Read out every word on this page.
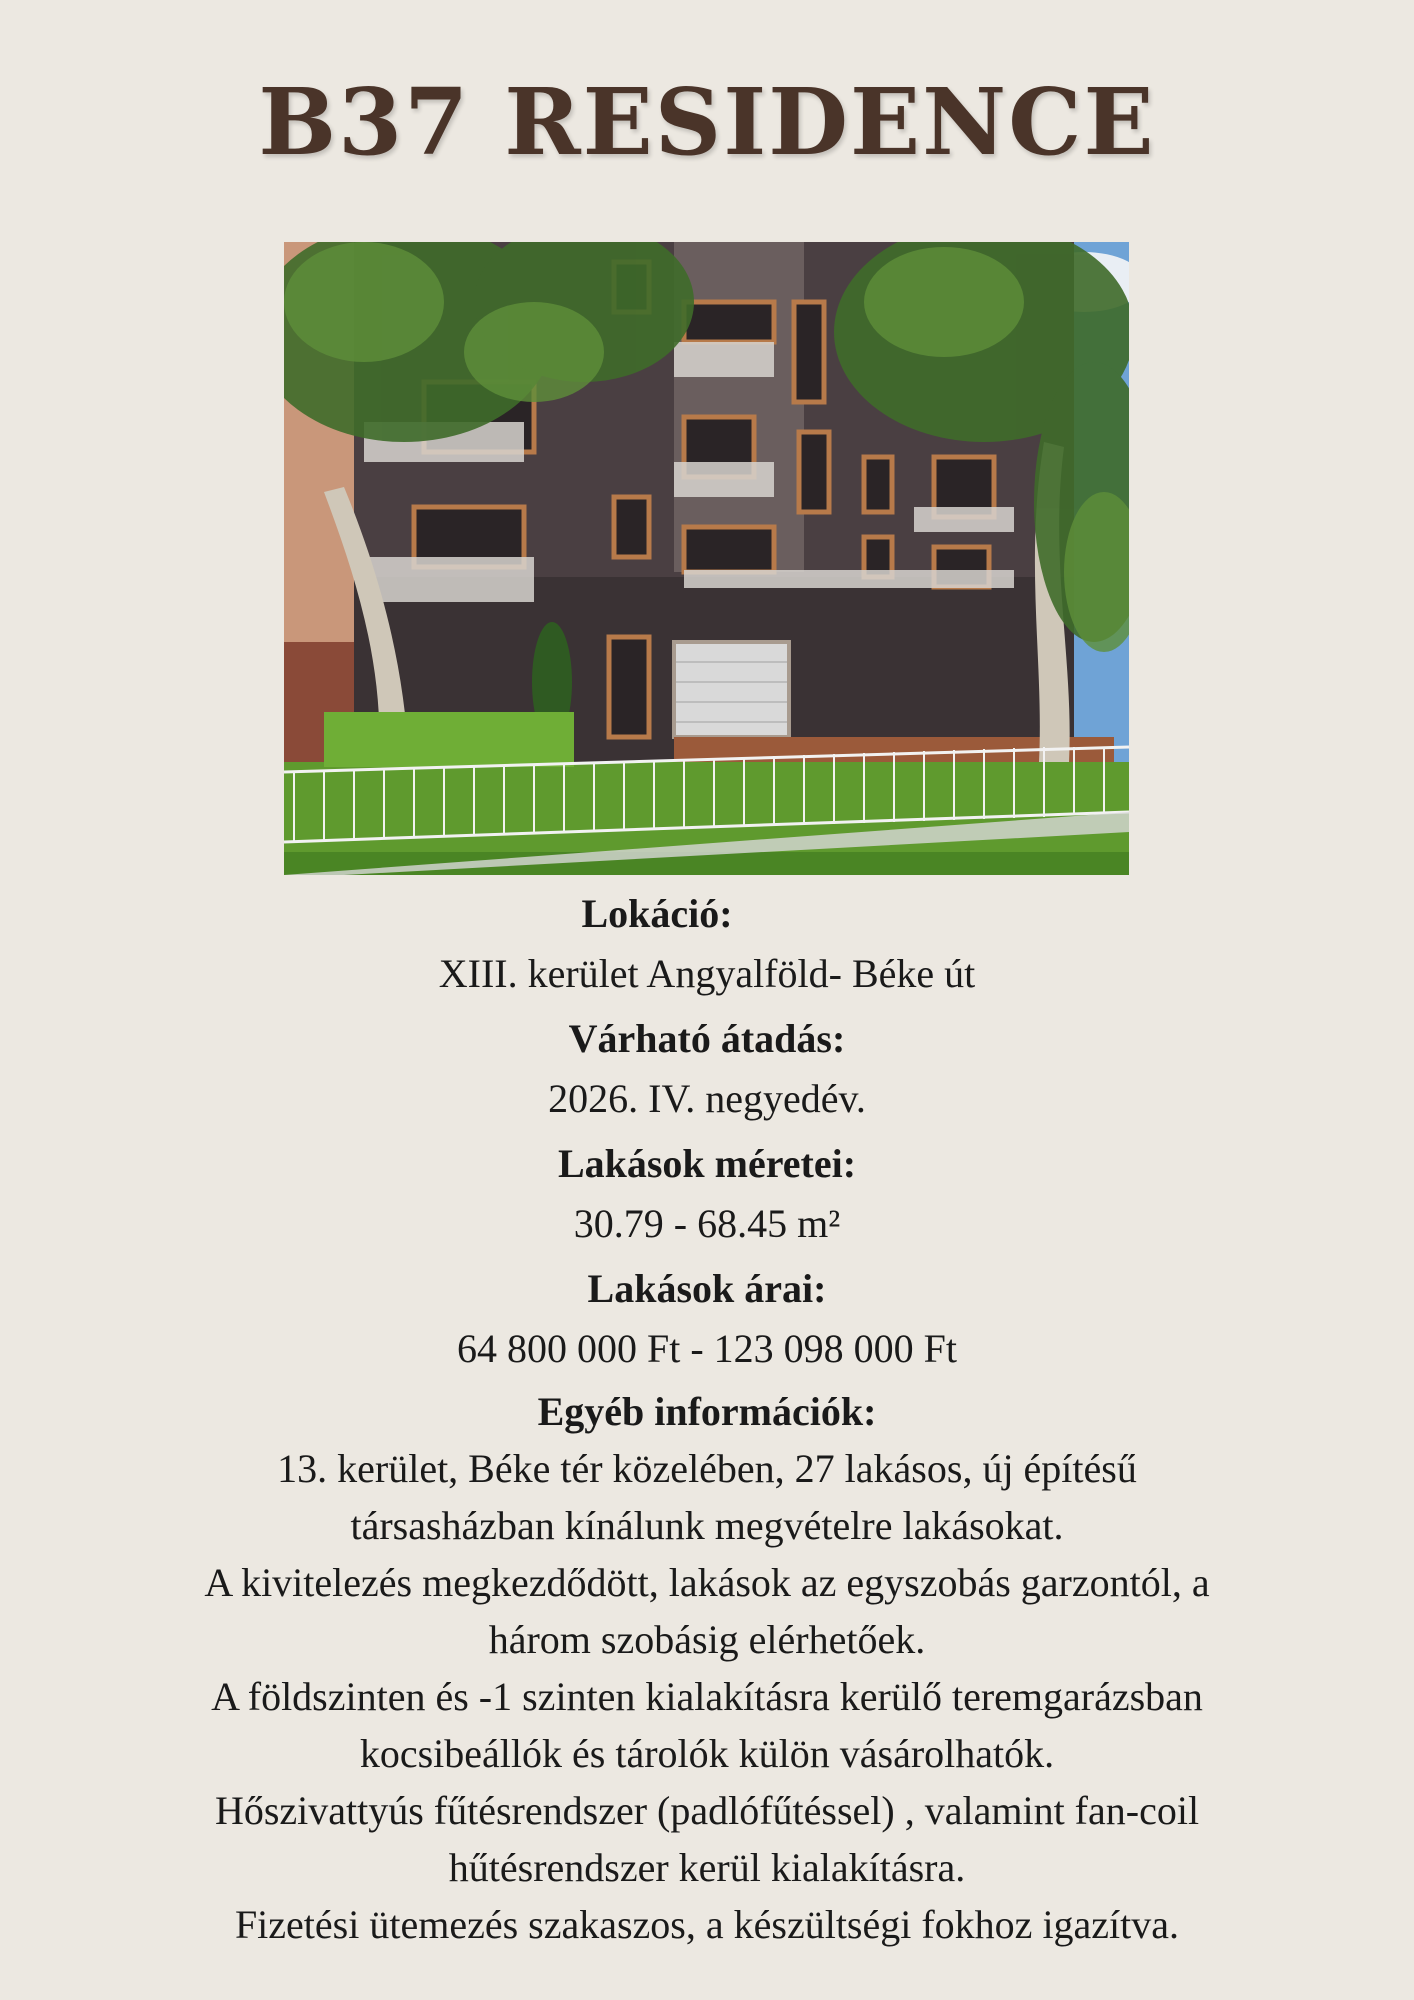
B37 RESIDENCE
Lokáció:
XIII. kerület Angyalföld- Béke út
Várható átadás:
2026. IV. negyedév.
Lakások méretei:
30.79 - 68.45 m²
Lakások árai:
64 800 000 Ft - 123 098 000 Ft
Egyéb információk:
13. kerület, Béke tér közelében, 27 lakásos, új építésű
társasházban kínálunk megvételre lakásokat.
A kivitelezés megkezdődött, lakások az egyszobás garzontól, a
három szobásig elérhetőek.
A földszinten és -1 szinten kialakításra kerülő teremgarázsban
kocsibeállók és tárolók külön vásárolhatók.
Hőszivattyús fűtésrendszer (padlófűtéssel) , valamint fan-coil
hűtésrendszer kerül kialakításra.
Fizetési ütemezés szakaszos, a készültségi fokhoz igazítva.
